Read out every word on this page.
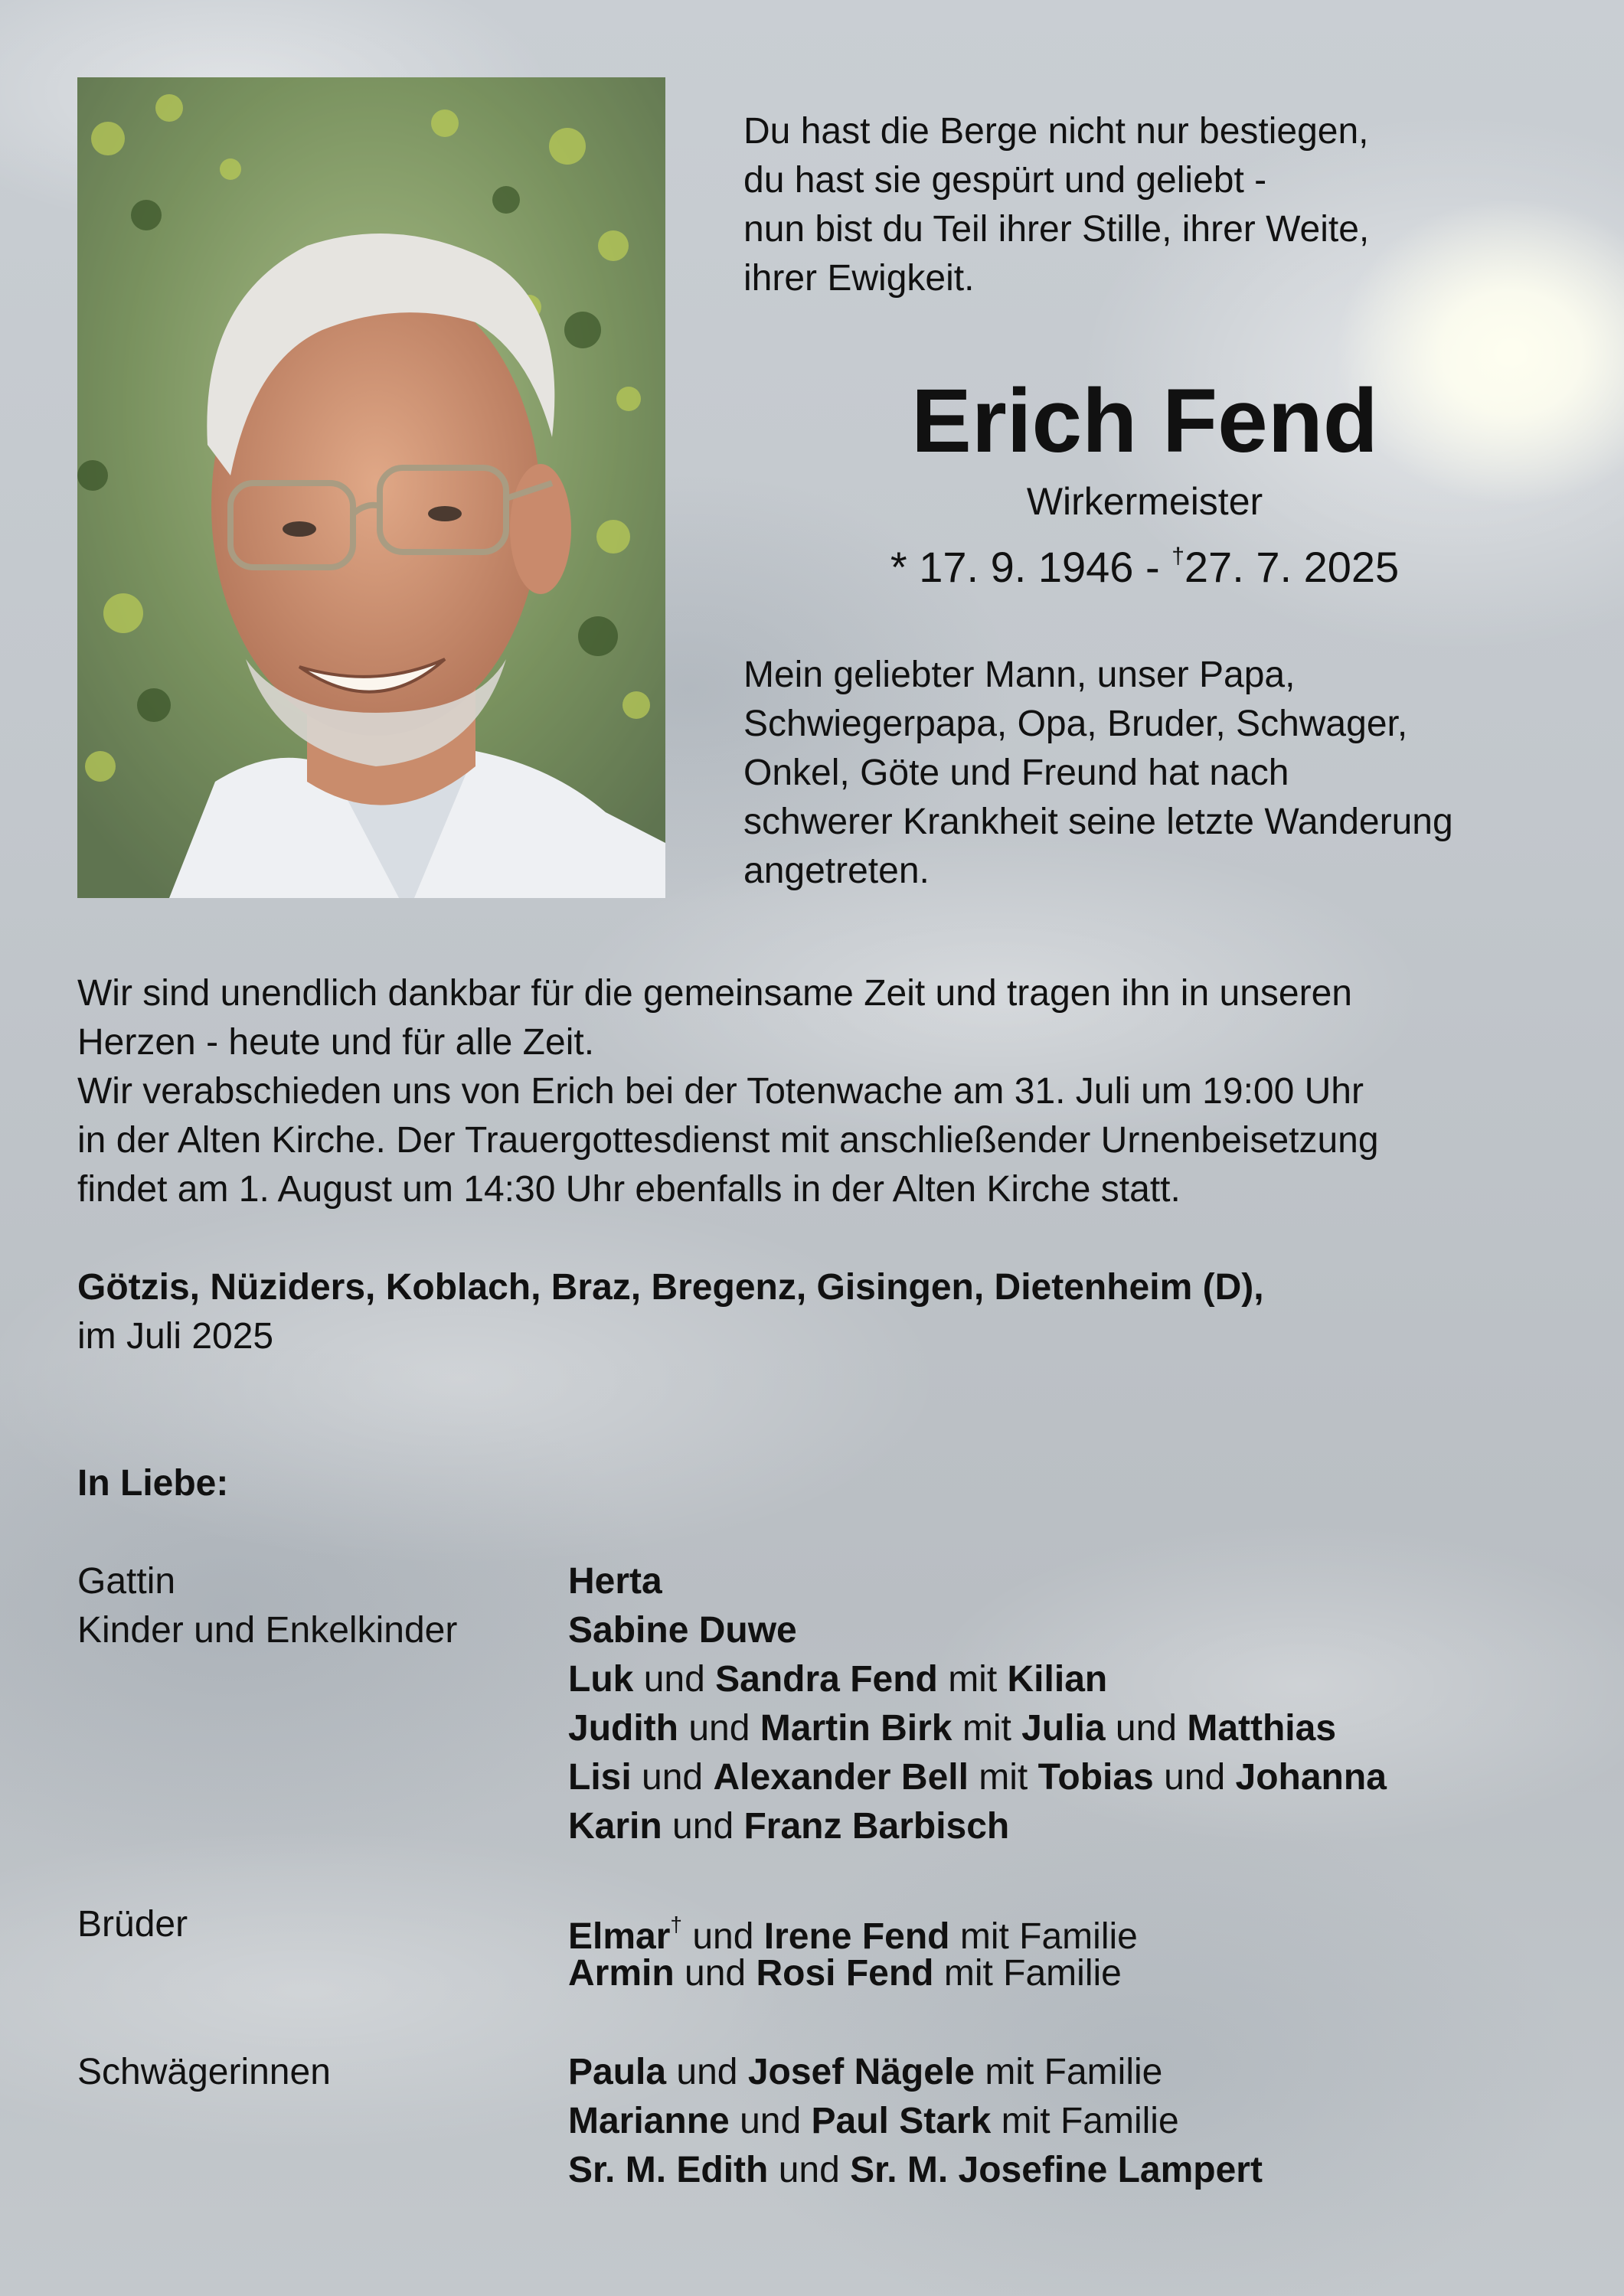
Du hast die Berge nicht nur bestiegen,
du hast sie gespürt und geliebt -
nun bist du Teil ihrer Stille, ihrer Weite,
ihrer Ewigkeit.
Erich Fend
Wirkermeister
* 17. 9. 1946 - †27. 7. 2025
Mein geliebter Mann, unser Papa,
Schwiegerpapa, Opa, Bruder, Schwager,
Onkel, Göte und Freund hat nach
schwerer Krankheit seine letzte Wanderung
angetreten.
Wir sind unendlich dankbar für die gemeinsame Zeit und tragen ihn in unseren
Herzen - heute und für alle Zeit.
Wir verabschieden uns von Erich bei der Totenwache am 31. Juli um 19:00 Uhr
in der Alten Kirche. Der Trauergottesdienst mit anschließender Urnenbeisetzung
findet am 1. August um 14:30 Uhr ebenfalls in der Alten Kirche statt.
Götzis, Nüziders, Koblach, Braz, Bregenz, Gisingen, Dietenheim (D),
im Juli 2025
In Liebe:
Gattin
Kinder und Enkelkinder
Brüder
Schwägerinnen
Herta
Sabine Duwe
Luk und Sandra Fend mit Kilian
Judith und Martin Birk mit Julia und Matthias
Lisi und Alexander Bell mit Tobias und Johanna
Karin und Franz Barbisch
Elmar† und Irene Fend mit Familie
Armin und Rosi Fend mit Familie
Paula und Josef Nägele mit Familie
Marianne und Paul Stark mit Familie
Sr. M. Edith und Sr. M. Josefine Lampert
